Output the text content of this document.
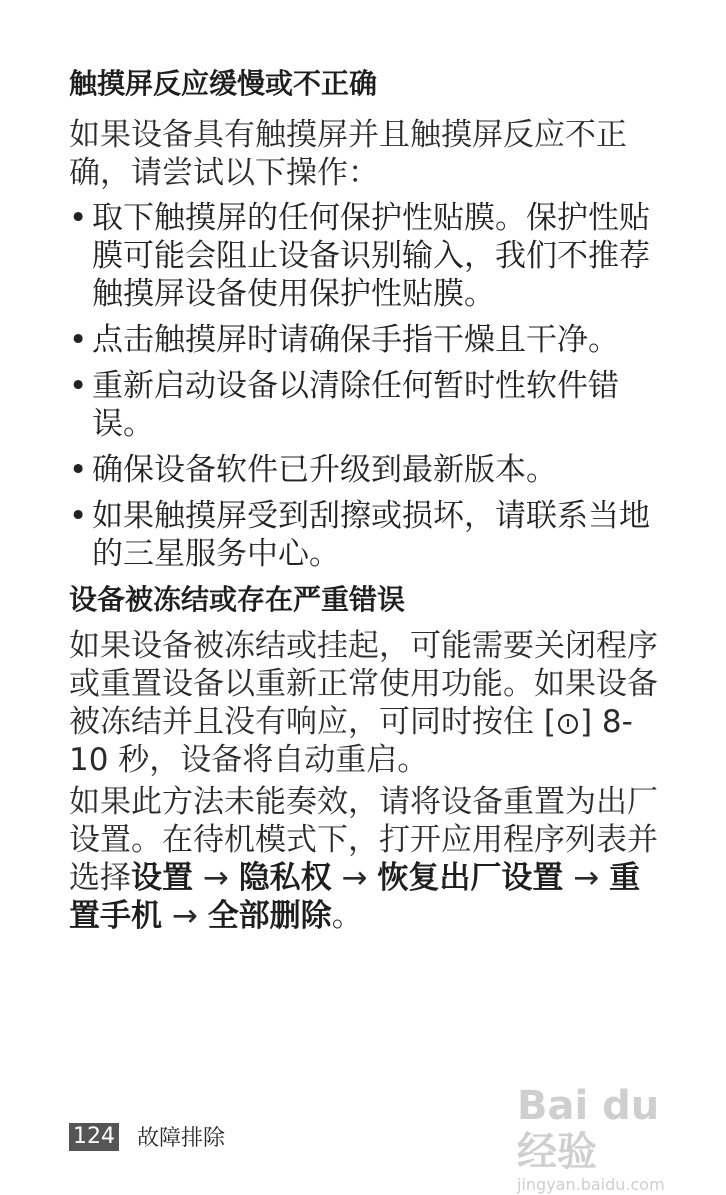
触摸屏反应缓慢或不正确

如果设备具有触摸屏并且触摸屏反应不正确，请尝试以下操作：

• 取下触摸屏的任何保护性贴膜。保护性贴膜可能会阻止设备识别输入，我们不推荐触摸屏设备使用保护性贴膜。
• 点击触摸屏时请确保手指干燥且干净。
• 重新启动设备以清除任何暂时性软件错误。
• 确保设备软件已升级到最新版本。
• 如果触摸屏受到刮擦或损坏，请联系当地的三星服务中心。
设备被冻结或存在严重错误

如果设备被冻结或挂起，可能需要关闭程序或重置设备以重新正常使用功能。如果设备被冻结并且没有响应，可同时按住 [ ] 8-10 秒，设备将自动重启。

如果此方法未能奏效，请将设备重置为出厂设置。在待机模式下，打开应用程序列表并选择设置 → 隐私权 → 恢复出厂设置 → 重置手机 → 全部删除。

124 故障排除
Bai du 经验
jingyan.baidu.com
